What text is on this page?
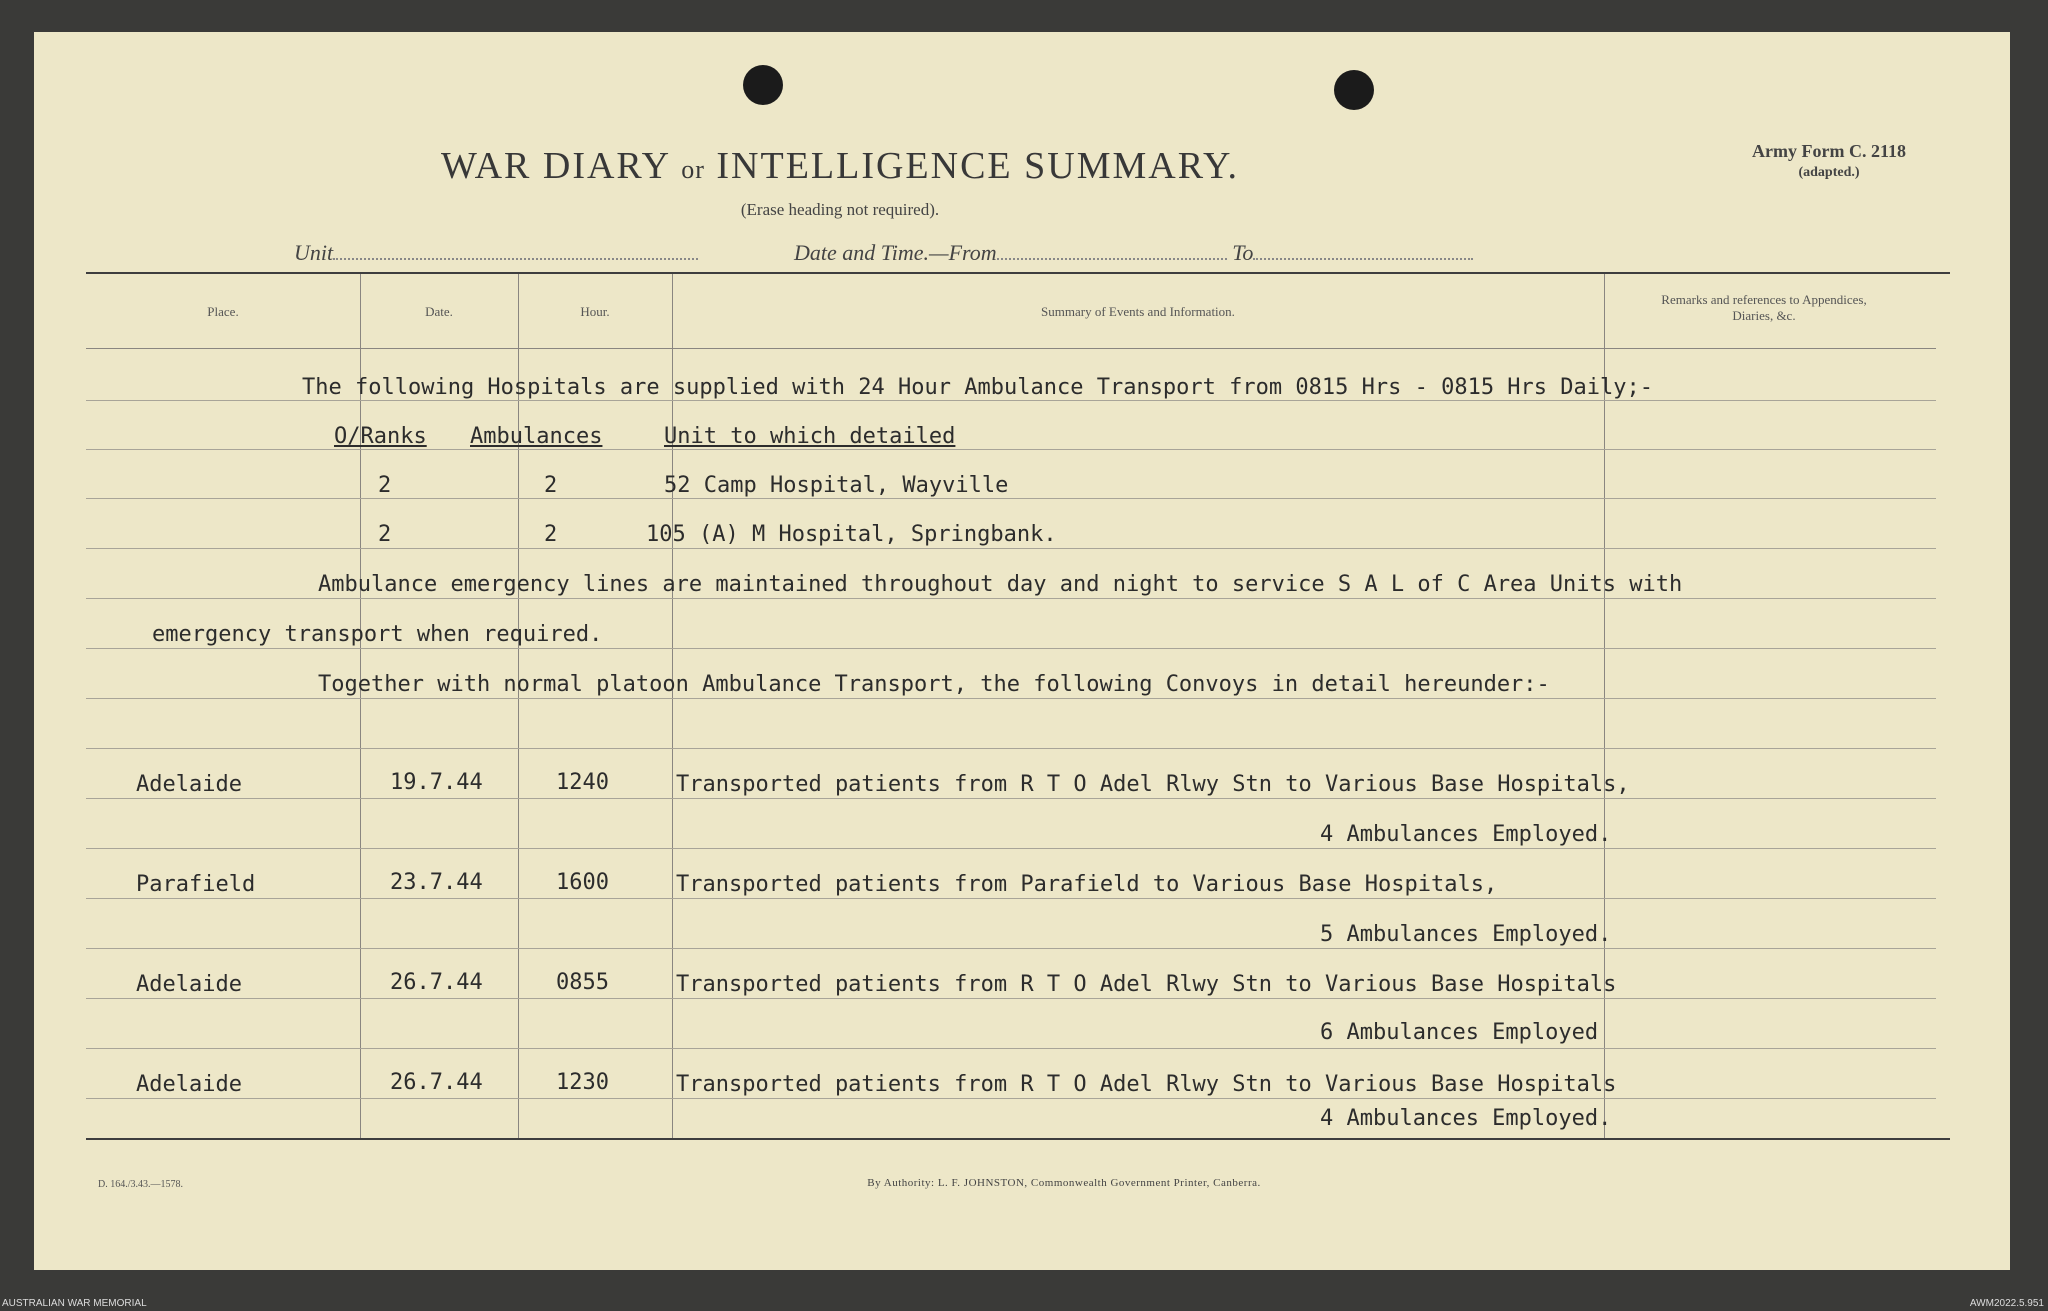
WAR DIARY or INTELLIGENCE SUMMARY.
(Erase heading not required).
Army Form C. 2118
(adapted.)
Unit	Date and Time.—From	To
Place.	Date.	Hour.	Summary of Events and Information.
Remarks and references to Appendices, Diaries, &c.
The following Hospitals are supplied with 24 Hour Ambulance Transport from 0815 Hrs - 0815 Hrs Daily;-
O/Ranks Ambulances	Unit to which detailed
2	2	52 Camp Hospital, Wayville
2	2	105 (A) M Hospital, Springbank.
Ambulance emergency lines are maintained throughout day and night to service S A L of C Area Units with
emergency transport when required.
Together with normal platoon Ambulance Transport, the following Convoys in detail hereunder:-
Adelaide	19.7.44	1240	Transported patients from R T O Adel Rlwy Stn to Various Base Hospitals,
4 Ambulances Employed.
Parafield	23.7.44	1600	Transported patients from Parafield to Various Base Hospitals,
5 Ambulances Employed.
Adelaide	26.7.44	0855	Transported patients from R T O Adel Rlwy Stn to Various Base Hospitals
6 Ambulances Employed
Adelaide	26.7.44	1230	Transported patients from R T O Adel Rlwy Stn to Various Base Hospitals
4 Ambulances Employed.
D. 164./3.43.—1578.	By Authority: L. F. JOHNSTON, Commonwealth Government Printer, Canberra.
AUSTRALIAN WAR MEMORIAL	AWM2022.5.951
